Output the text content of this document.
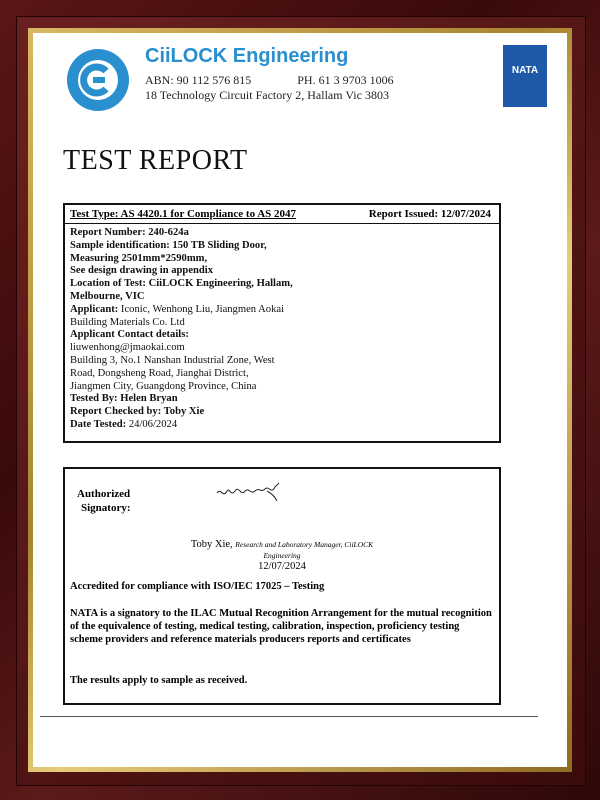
CiiLOCK Engineering
ABN: 90 112 576 815	PH. 61 3 9703 1006
18 Technology Circuit Factory 2, Hallam Vic 3803
NATA
TEST REPORT
Test Type: AS 4420.1 for Compliance to AS 2047	Report Issued: 12/07/2024
Report Number: 240-624a
Sample identification: 150 TB Sliding Door,
Measuring 2501mm*2590mm,
See design drawing in appendix
Location of Test: CiiLOCK Engineering, Hallam,
Melbourne, VIC
Applicant: Iconic, Wenhong Liu, Jiangmen Aokai
Building Materials Co. Ltd
Applicant Contact details:
liuwenhong@jmaokai.com
Building 3, No.1 Nanshan Industrial Zone, West
Road, Dongsheng Road, Jianghai District,
Jiangmen City, Guangdong Province, China
Tested By: Helen Bryan
Report Checked by: Toby Xie
Date Tested: 24/06/2024
Authorized
Signatory:
Toby Xie, Research and Laboratory Manager, CiiLOCK
Engineering
12/07/2024
Accredited for compliance with ISO/IEC 17025 – Testing
NATA is a signatory to the ILAC Mutual Recognition Arrangement for the mutual recognition of the equivalence of testing, medical testing, calibration, inspection, proficiency testing scheme providers and reference materials producers reports and certificates
The results apply to sample as received.
